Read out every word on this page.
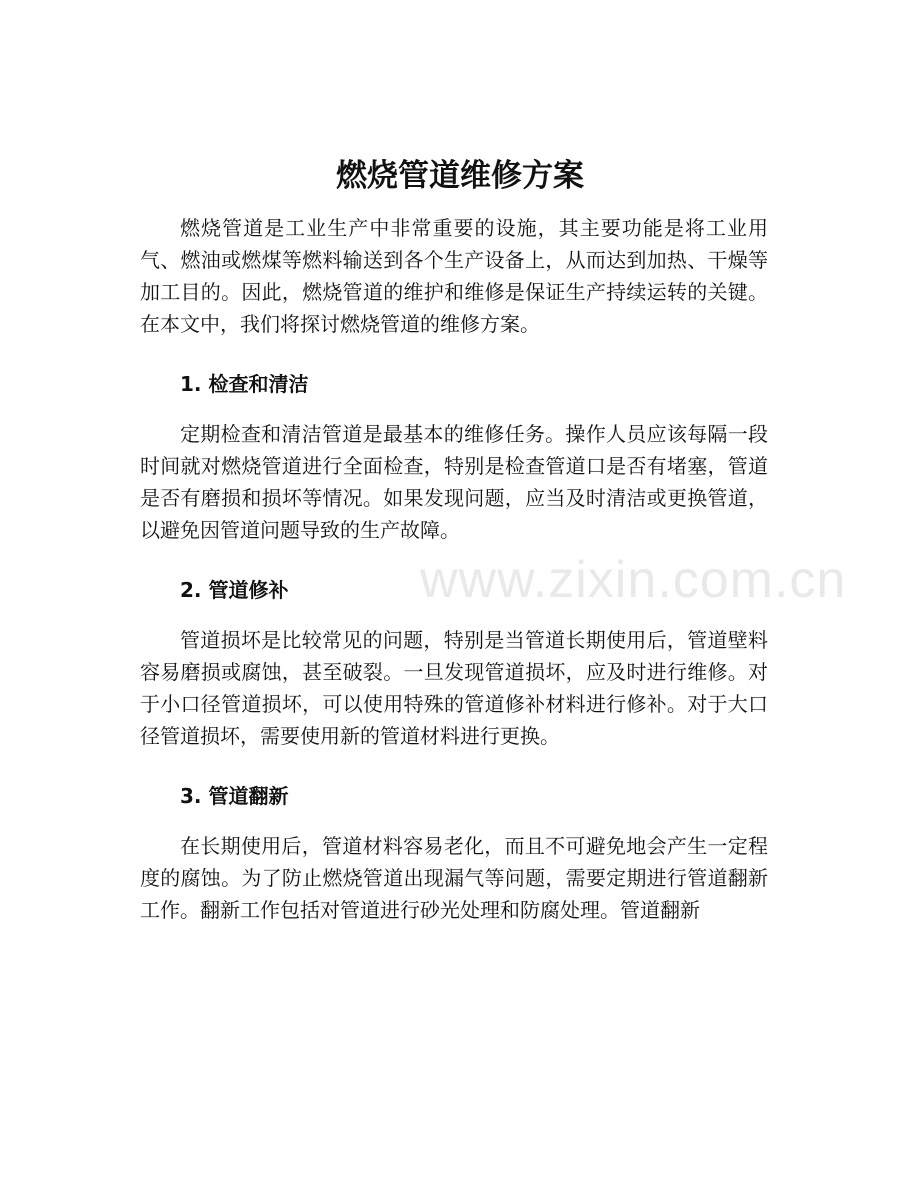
燃烧管道维修方案

燃烧管道是工业生产中非常重要的设施，其主要功能是将工业用气、燃油或燃煤等燃料输送到各个生产设备上，从而达到加热、干燥等加工目的。因此，燃烧管道的维护和维修是保证生产持续运转的关键。在本文中，我们将探讨燃烧管道的维修方案。

1. 检查和清洁

定期检查和清洁管道是最基本的维修任务。操作人员应该每隔一段时间就对燃烧管道进行全面检查，特别是检查管道口是否有堵塞，管道是否有磨损和损坏等情况。如果发现问题，应当及时清洁或更换管道，以避免因管道问题导致的生产故障。

2. 管道修补

管道损坏是比较常见的问题，特别是当管道长期使用后，管道壁料容易磨损或腐蚀，甚至破裂。一旦发现管道损坏，应及时进行维修。对于小口径管道损坏，可以使用特殊的管道修补材料进行修补。对于大口径管道损坏，需要使用新的管道材料进行更换。

3. 管道翻新

在长期使用后，管道材料容易老化，而且不可避免地会产生一定程度的腐蚀。为了防止燃烧管道出现漏气等问题，需要定期进行管道翻新工作。翻新工作包括对管道进行砂光处理和防腐处理。管道翻新

www.zixin.com.cn
